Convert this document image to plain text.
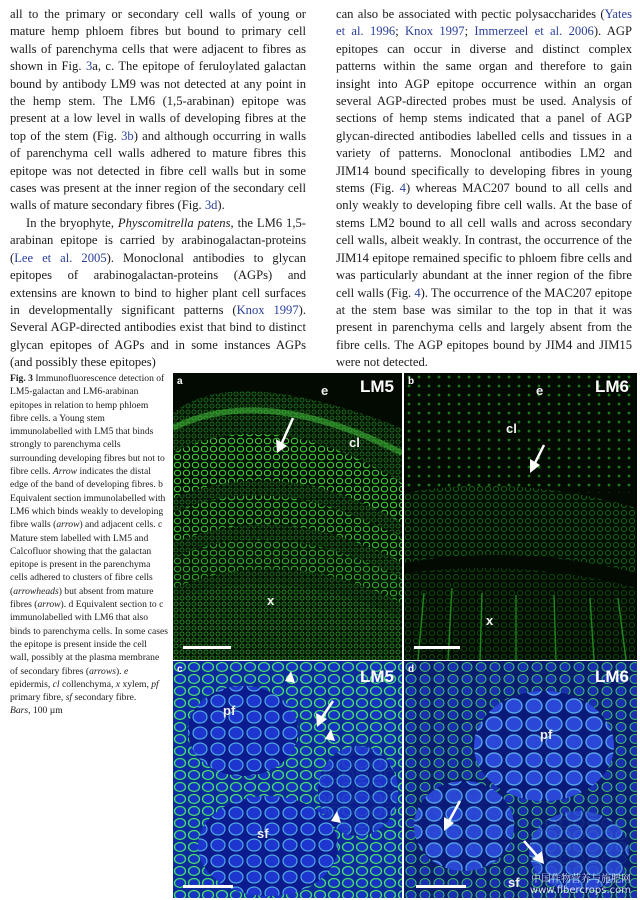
all to the primary or secondary cell walls of young or mature hemp phloem fibres but bound to primary cell walls of parenchyma cells that were adjacent to fibres as shown in Fig. 3a, c. The epitope of feruloylated galactan bound by antibody LM9 was not detected at any point in the hemp stem. The LM6 (1,5-arabinan) epitope was present at a low level in walls of developing fibres at the top of the stem (Fig. 3b) and although occurring in walls of parenchyma cell walls adhered to mature fibres this epitope was not detected in fibre cell walls but in some cases was present at the inner region of the secondary cell walls of mature secondary fibres (Fig. 3d).

In the bryophyte, Physcomitrella patens, the LM6 1,5-arabinan epitope is carried by arabinogalactan-proteins (Lee et al. 2005). Monoclonal antibodies to glycan epitopes of arabinogalactan-proteins (AGPs) and extensins are known to bind to higher plant cell surfaces in developmentally significant patterns (Knox 1997). Several AGP-directed antibodies exist that bind to distinct glycan epitopes of AGPs and in some instances AGPs (and possibly these epitopes)

can also be associated with pectic polysaccharides (Yates et al. 1996; Knox 1997; Immerzeel et al. 2006). AGP epitopes can occur in diverse and distinct complex patterns within the same organ and therefore to gain insight into AGP epitope occurrence within an organ several AGP-directed probes must be used. Analysis of sections of hemp stems indicated that a panel of AGP glycan-directed antibodies labelled cells and tissues in a variety of patterns. Monoclonal antibodies LM2 and JIM14 bound specifically to developing fibres in young stems (Fig. 4) whereas MAC207 bound to all cells and only weakly to developing fibre cell walls. At the base of stems LM2 bound to all cell walls and across secondary cell walls, albeit weakly. In contrast, the occurrence of the JIM14 epitope remained specific to phloem fibre cells and was particularly abundant at the inner region of the fibre cell walls (Fig. 4). The occurrence of the MAC207 epitope at the stem base was similar to the top in that it was present in parenchyma cells and largely absent from the fibre cells. The AGP epitopes bound by JIM4 and JIM15 were not detected.

Fig. 3 Immunofluorescence detection of LM5-galactan and LM6-arabinan epitopes in relation to hemp phloem fibre cells. a Young stem immunolabelled with LM5 that binds strongly to parenchyma cells surrounding developing fibres but not to fibre cells. Arrow indicates the distal edge of the band of developing fibres. b Equivalent section immunolabelled with LM6 which binds weakly to developing fibre walls (arrow) and adjacent cells. c Mature stem labelled with LM5 and Calcofluor showing that the galactan epitope is present in the parenchyma cells adhered to clusters of fibre cells (arrowheads) but absent from mature fibres (arrow). d Equivalent section to c immunolabelled with LM6 that also binds to parenchyma cells. In some cases the epitope is present inside the cell wall, possibly at the plasma membrane of secondary fibres (arrows). e epidermis, cl collenchyma, x xylem, pf primary fibre, sf secondary fibre.
Bars, 100 µm
a	LM5
e
cl
x
b	LM6
e
cl
x
c	LM5
pf
sf
d	LM6
pf
sf 中国作物营养与施肥网
www.fibercrops.com
